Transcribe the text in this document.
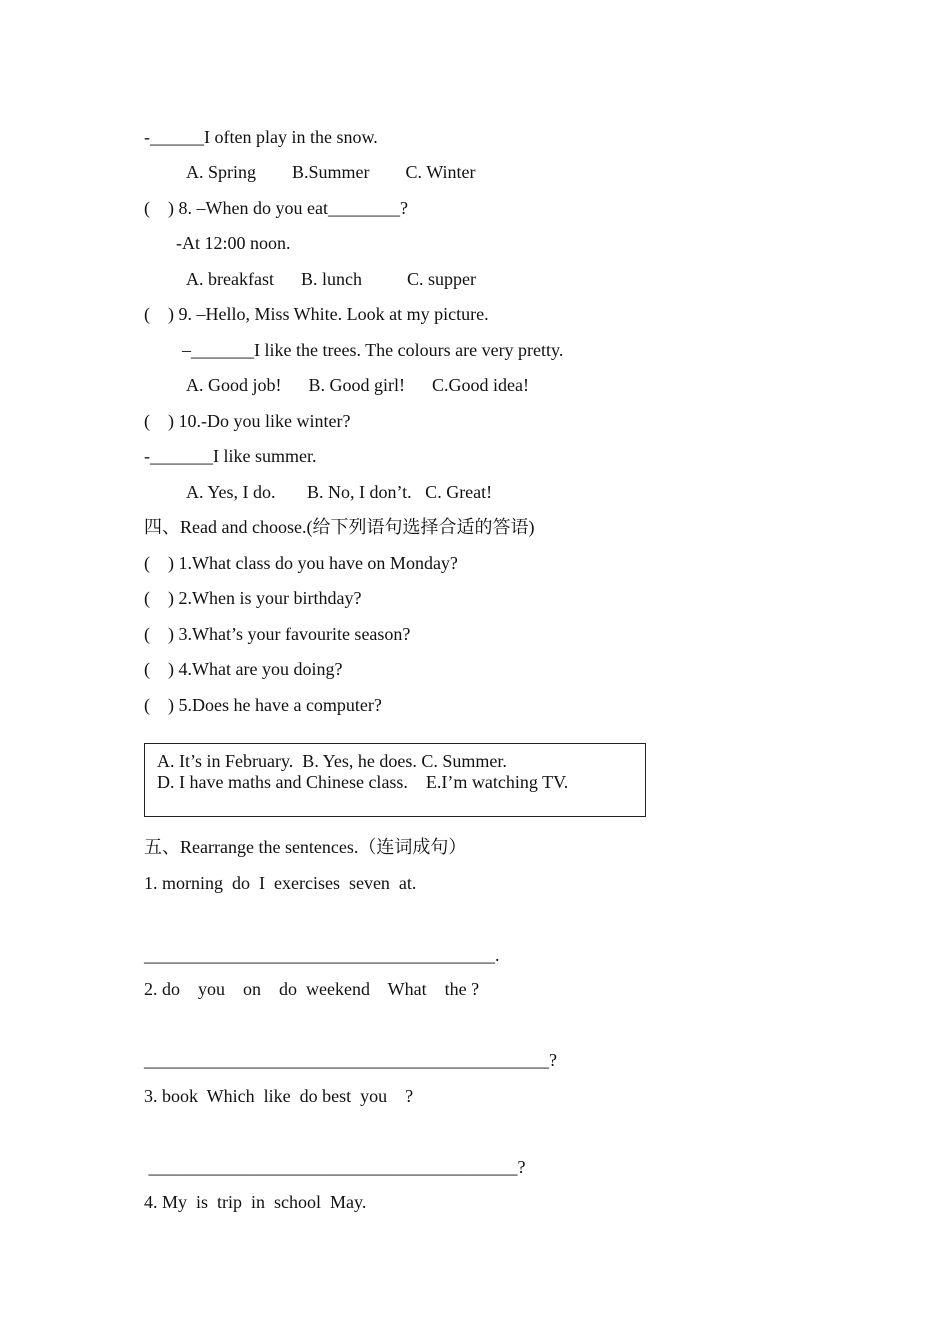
-______I often play in the snow.
A. Spring        B.Summer        C. Winter
(    ) 8. –When do you eat________?
-At 12:00 noon.
A. breakfast      B. lunch          C. supper
(    ) 9. –Hello, Miss White. Look at my picture.
–_______I like the trees. The colours are very pretty.
A. Good job!      B. Good girl!      C.Good idea!
(    ) 10.-Do you like winter?
-_______I like summer.
A. Yes, I do.       B. No, I don’t.   C. Great!
四、Read and choose.(给下列语句选择合适的答语)
(    ) 1.What class do you have on Monday?
(    ) 2.When is your birthday?
(    ) 3.What’s your favourite season?
(    ) 4.What are you doing?
(    ) 5.Does he have a computer?
A. It’s in February.  B. Yes, he does. C. Summer.
D. I have maths and Chinese class.    E.I’m watching TV.
五、Rearrange the sentences.（连词成句）
1. morning  do  I  exercises  seven  at.
_______________________________________.
2. do    you    on    do  weekend    What    the ?
_____________________________________________?
3. book  Which  like  do best  you    ?
_________________________________________?
4. My  is  trip  in  school  May.
